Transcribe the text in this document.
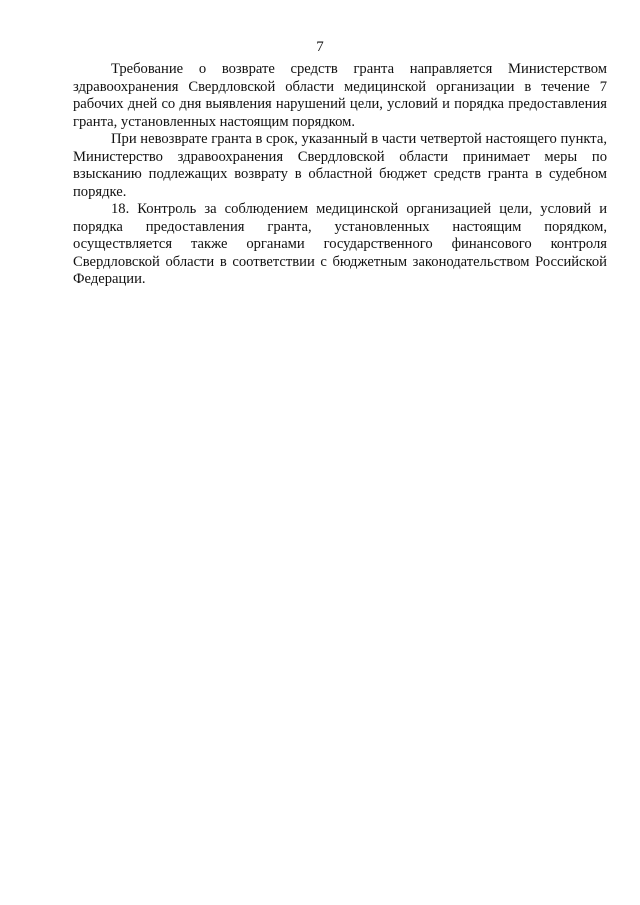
7

Требование о возврате средств гранта направляется Министерством здравоохранения Свердловской области медицинской организации в течение 7 рабочих дней со дня выявления нарушений цели, условий и порядка предоставления гранта, установленных настоящим порядком.

При невозврате гранта в срок, указанный в части четвертой настоящего пункта, Министерство здравоохранения Свердловской области принимает меры по взысканию подлежащих возврату в областной бюджет средств гранта в судебном порядке.

18. Контроль за соблюдением медицинской организацией цели, условий и порядка предоставления гранта, установленных настоящим порядком, осуществляется также органами государственного финансового контроля Свердловской области в соответствии с бюджетным законодательством Российской Федерации.
